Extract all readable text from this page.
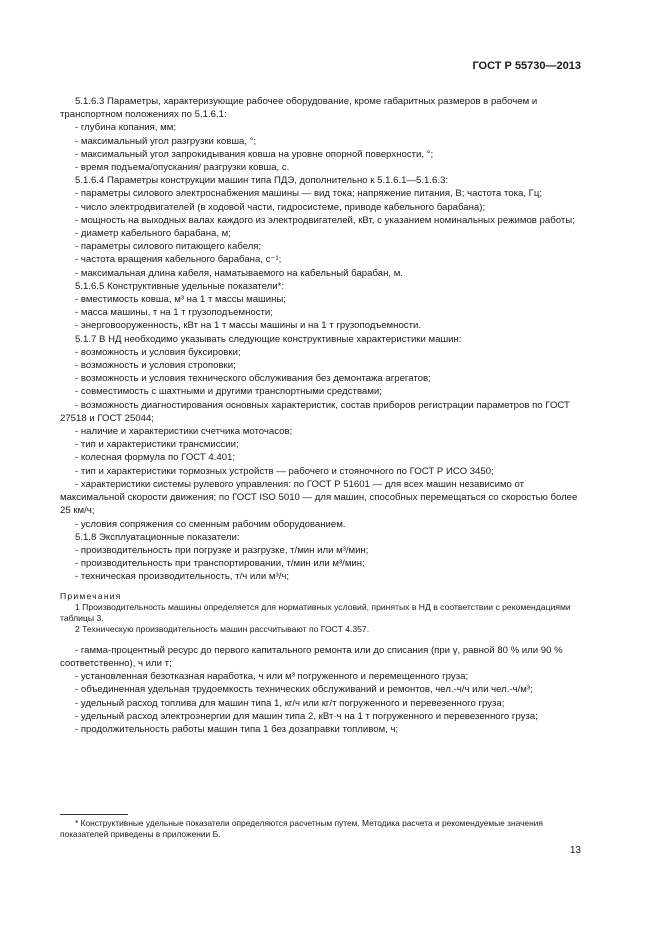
ГОСТ Р 55730—2013

5.1.6.3 Параметры, характеризующие рабочее оборудование, кроме габаритных размеров в рабочем и транспортном положениях по 5.1.6.1:

- глубина копания, мм;

- максимальный угол разгрузки ковша, °;

- максимальный угол запрокидывания ковша на уровне опорной поверхности, °;

- время подъема/опускания/ разгрузки ковша, с.

5.1.6.4 Параметры конструкции машин типа ПДЭ, дополнительно к 5.1.6.1—5.1.6.3:

- параметры силового электроснабжения машины — вид тока; напряжение питания, В; частота тока, Гц;

- число электродвигателей (в ходовой части, гидросистеме, приводе кабельного барабана);

- мощность на выходных валах каждого из электродвигателей, кВт, с указанием номинальных режимов работы;

- диаметр кабельного барабана, м;

- параметры силового питающего кабеля;

- частота вращения кабельного барабана, с⁻¹;

- максимальная длина кабеля, наматываемого на кабельный барабан, м.

5.1.6.5 Конструктивные удельные показатели*:

- вместимость ковша, м³ на 1 т массы машины;

- масса машины, т на 1 т грузоподъемности;

- энерговооруженность, кВт на 1 т массы машины и на 1 т грузоподъемности.

5.1.7 В НД необходимо указывать следующие конструктивные характеристики машин:

- возможность и условия буксировки;

- возможность и условия строповки;

- возможность и условия технического обслуживания без демонтажа агрегатов;

- совместимость с шахтными и другими транспортными средствами;

- возможность диагностирования основных характеристик, состав приборов регистрации параметров по ГОСТ 27518 и ГОСТ 25044;

- наличие и характеристики счетчика моточасов;

- тип и характеристики трансмиссии;

- колесная формула по ГОСТ 4.401;

- тип и характеристики тормозных устройств — рабочего и стояночного по ГОСТ Р ИСО 3450;

- характеристики системы рулевого управления: по ГОСТ Р 51601 — для всех машин независимо от максимальной скорости движения; по ГОСТ ISO 5010 — для машин, способных перемещаться со скоростью более 25 км/ч;

- условия сопряжения со сменным рабочим оборудованием.

5.1.8 Эксплуатационные показатели:

- производительность при погрузке и разгрузке, т/мин или м³/мин;

- производительность при транспортировании, т/мин или м³/мин;

- техническая производительность, т/ч или м³/ч;

Примечания

1 Производительность машины определяется для нормативных условий, принятых в НД в соответствии с рекомендациями таблицы 3.

2 Техническую производительность машин рассчитывают по ГОСТ 4.357.

- гамма-процентный ресурс до первого капитального ремонта или до списания (при γ, равной 80 % или 90 % соответственно), ч или т;

- установленная безотказная наработка, ч или м³ погруженного и перемещенного груза;

- объединенная удельная трудоемкость технических обслуживаний и ремонтов, чел.-ч/ч или чел.-ч/м³;

- удельный расход топлива для машин типа 1, кг/ч или кг/т погруженного и перевезенного груза;

- удельный расход электроэнергии для машин типа 2, кВт·ч на 1 т погруженного и перевезенного груза;

- продолжительность работы машин типа 1 без дозаправки топливом, ч;

* Конструктивные удельные показатели определяются расчетным путем. Методика расчета и рекомендуемые значения показателей приведены в приложении Б.

13
